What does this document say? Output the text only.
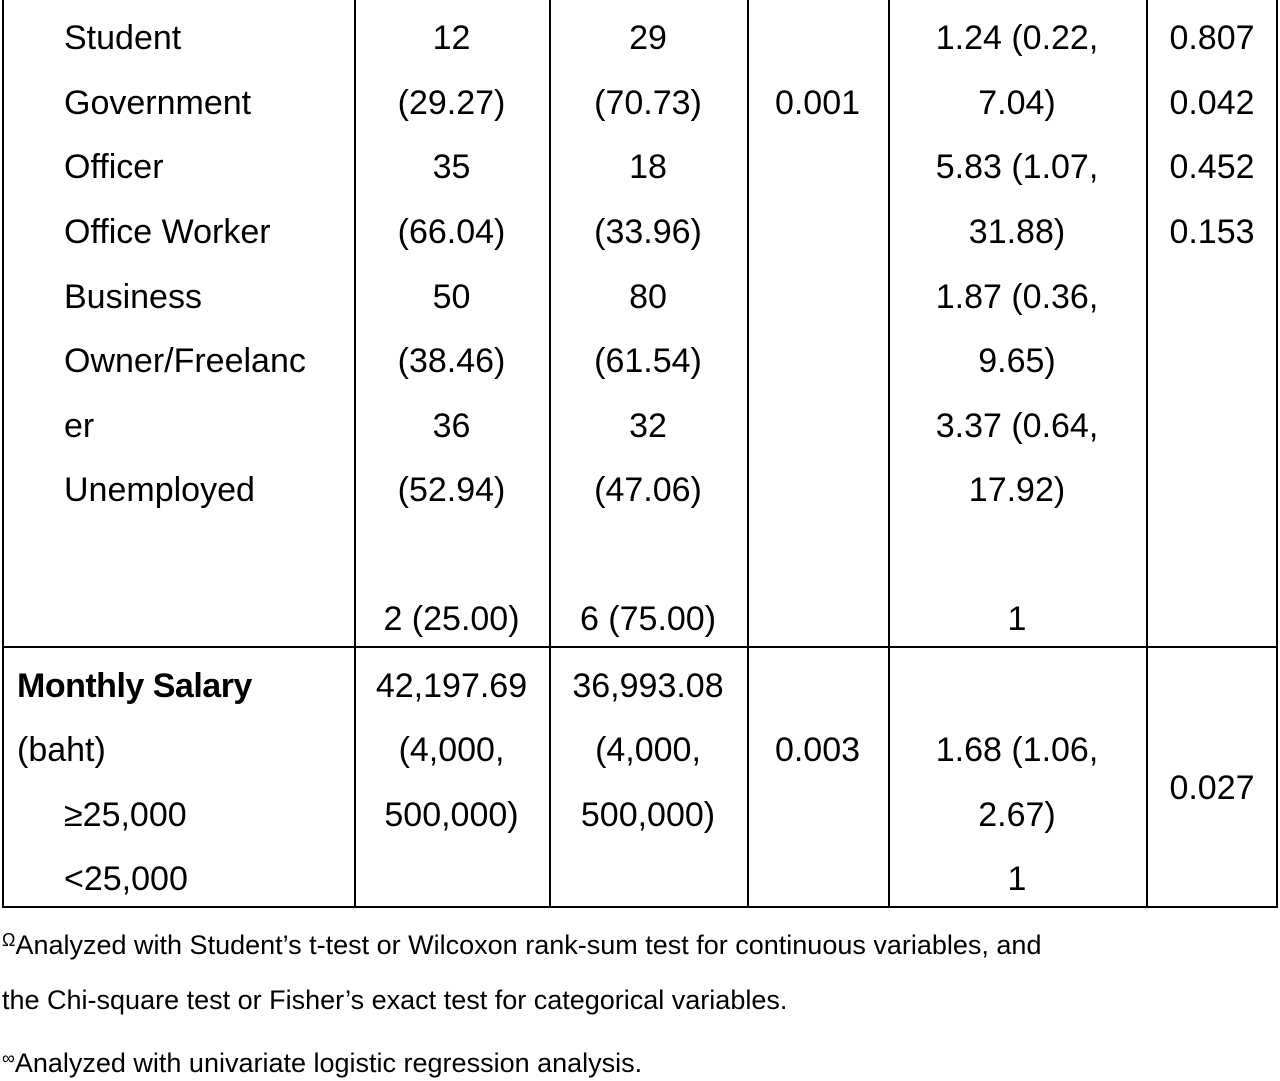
Student
Government
Officer
Office Worker
Business
Owner/Freelanc
er
Unemployed
12
(29.27)
35
(66.04)
50
(38.46)
36
(52.94)
2 (25.00)
29
(70.73)
18
(33.96)
80
(61.54)
32
(47.06)
6 (75.00)
0.001
1.24 (0.22,
7.04)
5.83 (1.07,
31.88)
1.87 (0.36,
9.65)
3.37 (0.64,
17.92)
1
0.807
0.042
0.452
0.153
Monthly Salary
(baht)
≥25,000
<25,000
42,197.69
(4,000,
500,000)
36,993.08
(4,000,
500,000)
0.003	1.68 (1.06,
2.67)
1
0.027
$^\Omega$Analyzed with Student’s t-test or Wilcoxon rank-sum test for continuous variables, and
the Chi-square test or Fisher’s exact test for categorical variables.
∞Analyzed with univariate logistic regression analysis.
